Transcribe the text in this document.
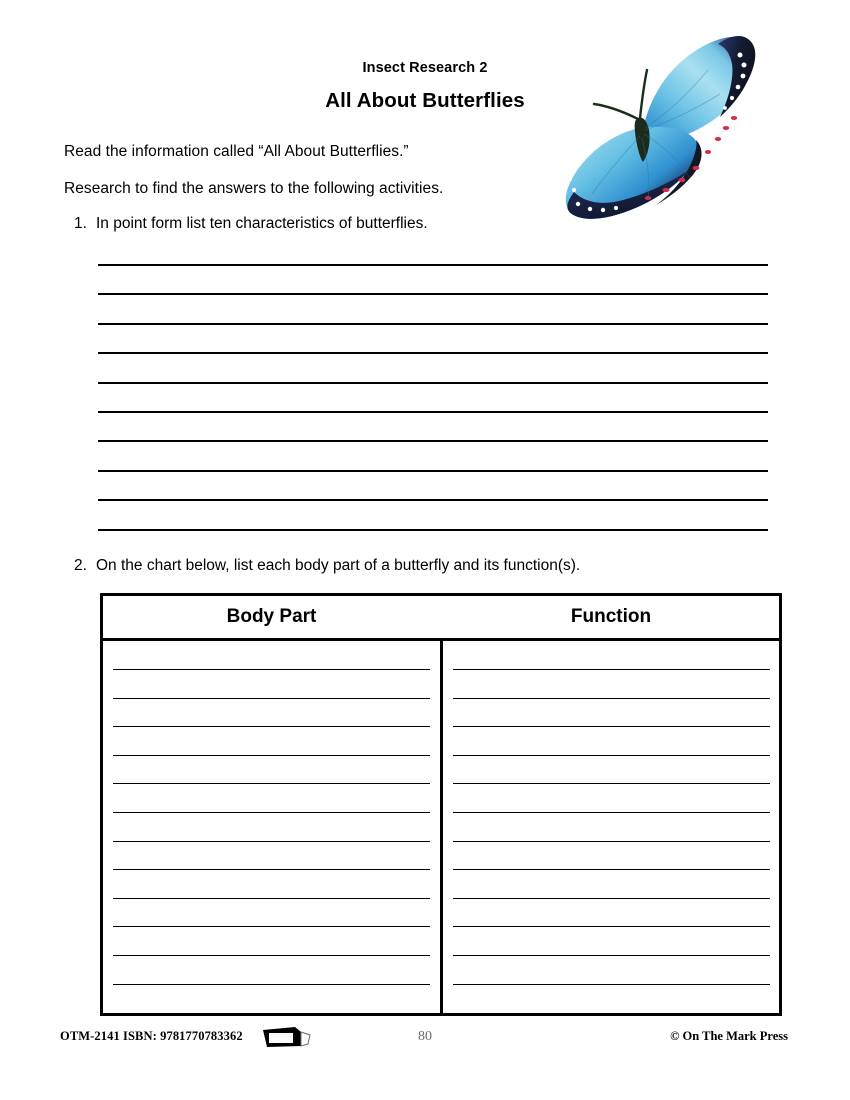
Insect Research 2
All About Butterflies
Read the information called “All About Butterflies.”
Research to find the answers to the following activities.
1. In point form list ten characteristics of butterflies.
2. On the chart below, list each body part of a butterfly and its function(s).
Body Part	Function
OTM-2141 ISBN: 9781770783362	80	© On The Mark Press
